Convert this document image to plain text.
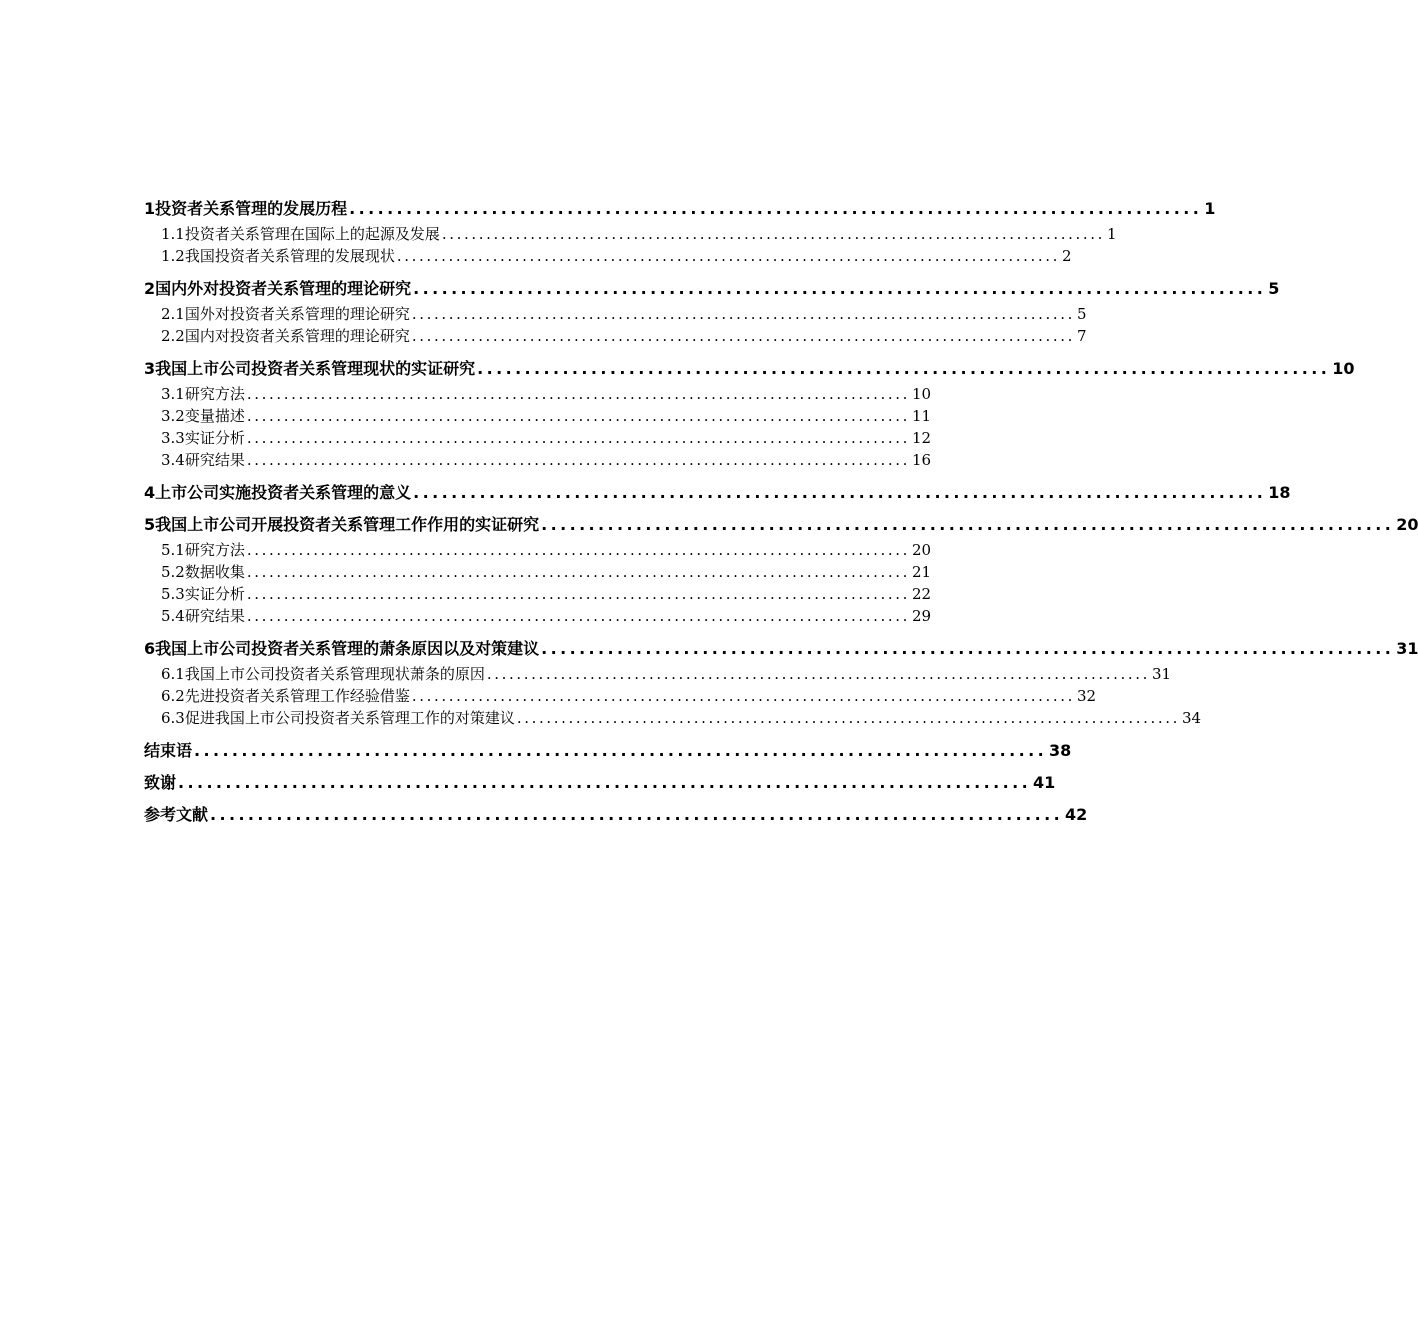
1 投资者关系管理的发展历程 .......................................................................................... 1
1.1 投资者关系管理在国际上的起源及发展 .......................................................................................... 1
1.2 我国投资者关系管理的发展现状 .......................................................................................... 2
2 国内外对投资者关系管理的理论研究 .......................................................................................... 5
2.1 国外对投资者关系管理的理论研究 .......................................................................................... 5
2.2 国内对投资者关系管理的理论研究 .......................................................................................... 7
3 我国上市公司投资者关系管理现状的实证研究 .......................................................................................... 10
3.1 研究方法 .......................................................................................... 10
3.2 变量描述 .......................................................................................... 11
3.3 实证分析 .......................................................................................... 12
3.4 研究结果 .......................................................................................... 16
4 上市公司实施投资者关系管理的意义 .......................................................................................... 18
5 我国上市公司开展投资者关系管理工作作用的实证研究 .......................................................................................... 20
5.1 研究方法 .......................................................................................... 20
5.2 数据收集 .......................................................................................... 21
5.3 实证分析 .......................................................................................... 22
5.4 研究结果 .......................................................................................... 29
6 我国上市公司投资者关系管理的萧条原因以及对策建议 .......................................................................................... 31
6.1 我国上市公司投资者关系管理现状萧条的原因 .......................................................................................... 31
6.2 先进投资者关系管理工作经验借鉴 .......................................................................................... 32
6.3 促进我国上市公司投资者关系管理工作的对策建议 .......................................................................................... 34
结束语 .......................................................................................... 38
致谢 .......................................................................................... 41
参考文献 .......................................................................................... 42
